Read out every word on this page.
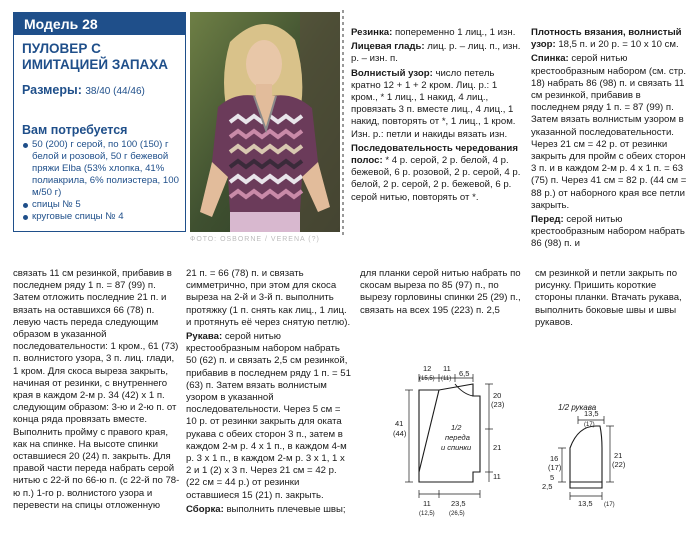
Модель 28
ПУЛОВЕР С ИМИТАЦИЕЙ ЗАПАХА
Размеры: 38/40 (44/46)
Вам потребуется
50 (200) г серой, по 100 (150) г белой и розовой, 50 г бежевой пряжи Elba (53% хлопка, 41% полиакрила, 6% полиэстера, 100 м/50 г)
спицы № 5
круговые спицы № 4
ФОТО: OSBORNE / VERENA (?)

Резинка: попеременно 1 лиц., 1 изн.

Лицевая гладь: лиц. р. – лиц. п., изн. р. – изн. п.

Волнистый узор: число петель кратно 12 + 1 + 2 кром. Лиц. р.: 1 кром., * 1 лиц., 1 накид, 4 лиц., провязать 3 п. вместе лиц., 4 лиц., 1 накид, повторять от *, 1 лиц., 1 кром. Изн. р.: петли и накиды вязать изн.

Последовательность чередования полос: * 4 р. серой, 2 р. белой, 4 р. бежевой, 6 р. розовой, 2 р. серой, 4 р. белой, 2 р. серой, 2 р. бежевой, 6 р. серой нитью, повторять от *.

Плотность вязания, волнистый узор: 18,5 п. и 20 р. = 10 х 10 см.

Спинка: серой нитью крестообразным набором (см. стр. 18) набрать 86 (98) п. и связать 11 см резинкой, прибавив в последнем ряду 1 п. = 87 (99) п. Затем вязать волнистым узором в указанной последовательности. Через 21 см = 42 р. от резинки закрыть для пройм с обеих сторон 3 п. и в каждом 2-м р. 4 х 1 п. = 63 (75) п. Через 41 см = 82 р. (44 см = 88 р.) от наборного края все петли закрыть.

Перед: серой нитью крестообразным набором набрать 86 (98) п. и

связать 11 см резинкой, прибавив в последнем ряду 1 п. = 87 (99) п. Затем отложить последние 21 п. и вязать на оставшихся 66 (78) п. левую часть переда следующим образом в указанной последовательности: 1 кром., 61 (73) п. волнистого узора, 3 п. лиц. глади, 1 кром. Для скоса выреза закрыть, начиная от резинки, с внутреннего края в каждом 2-м р. 34 (42) х 1 п. следующим образом: 3-ю и 2-ю п. от конца ряда провязать вместе. Выполнить пройму с правого края, как на спинке. На высоте спинки оставшиеся 20 (24) п. закрыть. Для правой части переда набрать серой нитью с 22-й по 66-ю п. (с 22-й по 78-ю п.) 1-го р. волнистого узора и перевести на спицы отложенную

21 п. = 66 (78) п. и связать симметрично, при этом для скоса выреза на 2-й и 3-й п. выполнить протяжку (1 п. снять как лиц., 1 лиц. и протянуть её через снятую петлю).

Рукава: серой нитью крестообразным набором набрать 50 (62) п. и связать 2,5 см резинкой, прибавив в последнем ряду 1 п. = 51 (63) п. Затем вязать волнистым узором в указанной последовательности. Через 5 см = 10 р. от резинки закрыть для оката рукава с обеих сторон 3 п., затем в каждом 2-м р. 4 х 1 п., в каждом 4-м р. 3 х 1 п., в каждом 2-м р. 3 х 1, 1 х 2 и 1 (2) х 3 п. Через 21 см = 42 р. (22 см = 44 р.) от резинки оставшиеся 15 (21) п. закрыть.

Сборка: выполнить плечевые швы;

для планки серой нитью набрать по скосам выреза по 85 (97) п., по вырезу горловины спинки 25 (29) п., связать на всех 195 (223) п. 2,5
см резинкой и петли закрыть по рисунку. Пришить короткие стороны планки. Втачать рукава, выполнить боковые швы и швы рукавов.
12
(15,5)
11
(11)
6,5
41
(44)
20
(23)
21
11
1/2
переда
и спинки
11
(12,5)
23,5
(26,5)
1/2 рукава
13,5
(17)
16
(17)
5
21
(22)
2,5
13,5 (17)
